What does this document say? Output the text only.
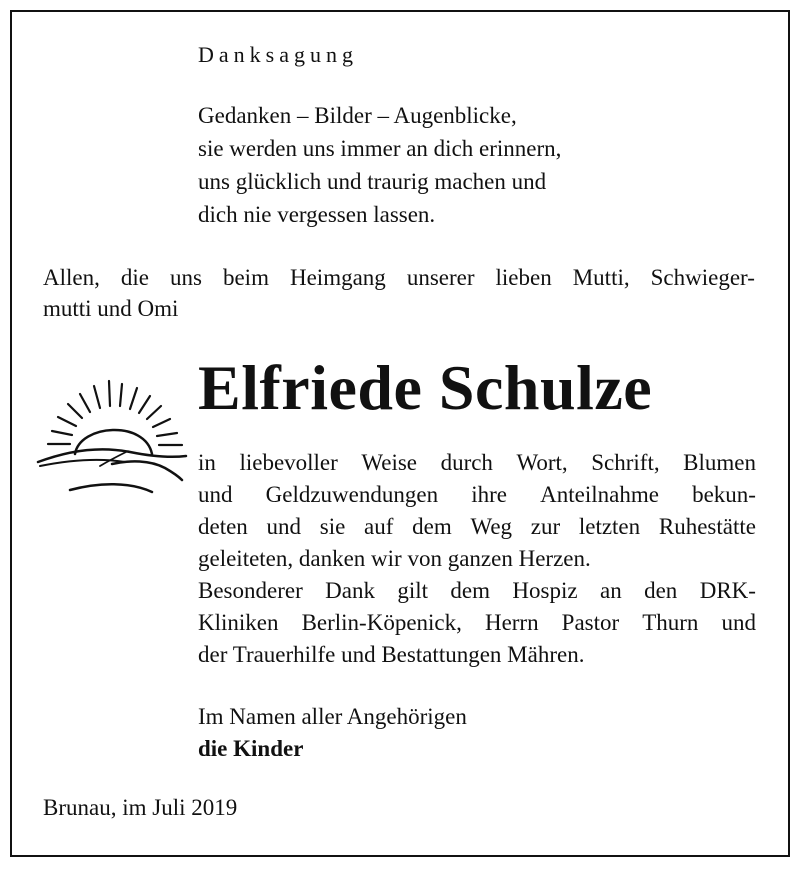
Danksagung
Gedanken – Bilder – Augenblicke,
sie werden uns immer an dich erinnern,
uns glücklich und traurig machen und
dich nie vergessen lassen.
Allen, die uns beim Heimgang unserer lieben Mutti, Schwieger-
mutti und Omi
Elfriede Schulze
in liebevoller Weise durch Wort, Schrift, Blumen
und Geldzuwendungen ihre Anteilnahme bekun-
deten und sie auf dem Weg zur letzten Ruhestätte
geleiteten, danken wir von ganzen Herzen.
Besonderer Dank gilt dem Hospiz an den DRK-
Kliniken Berlin-Köpenick, Herrn Pastor Thurn und
der Trauerhilfe und Bestattungen Mähren.
Im Namen aller Angehörigen
die Kinder
Brunau, im Juli 2019
